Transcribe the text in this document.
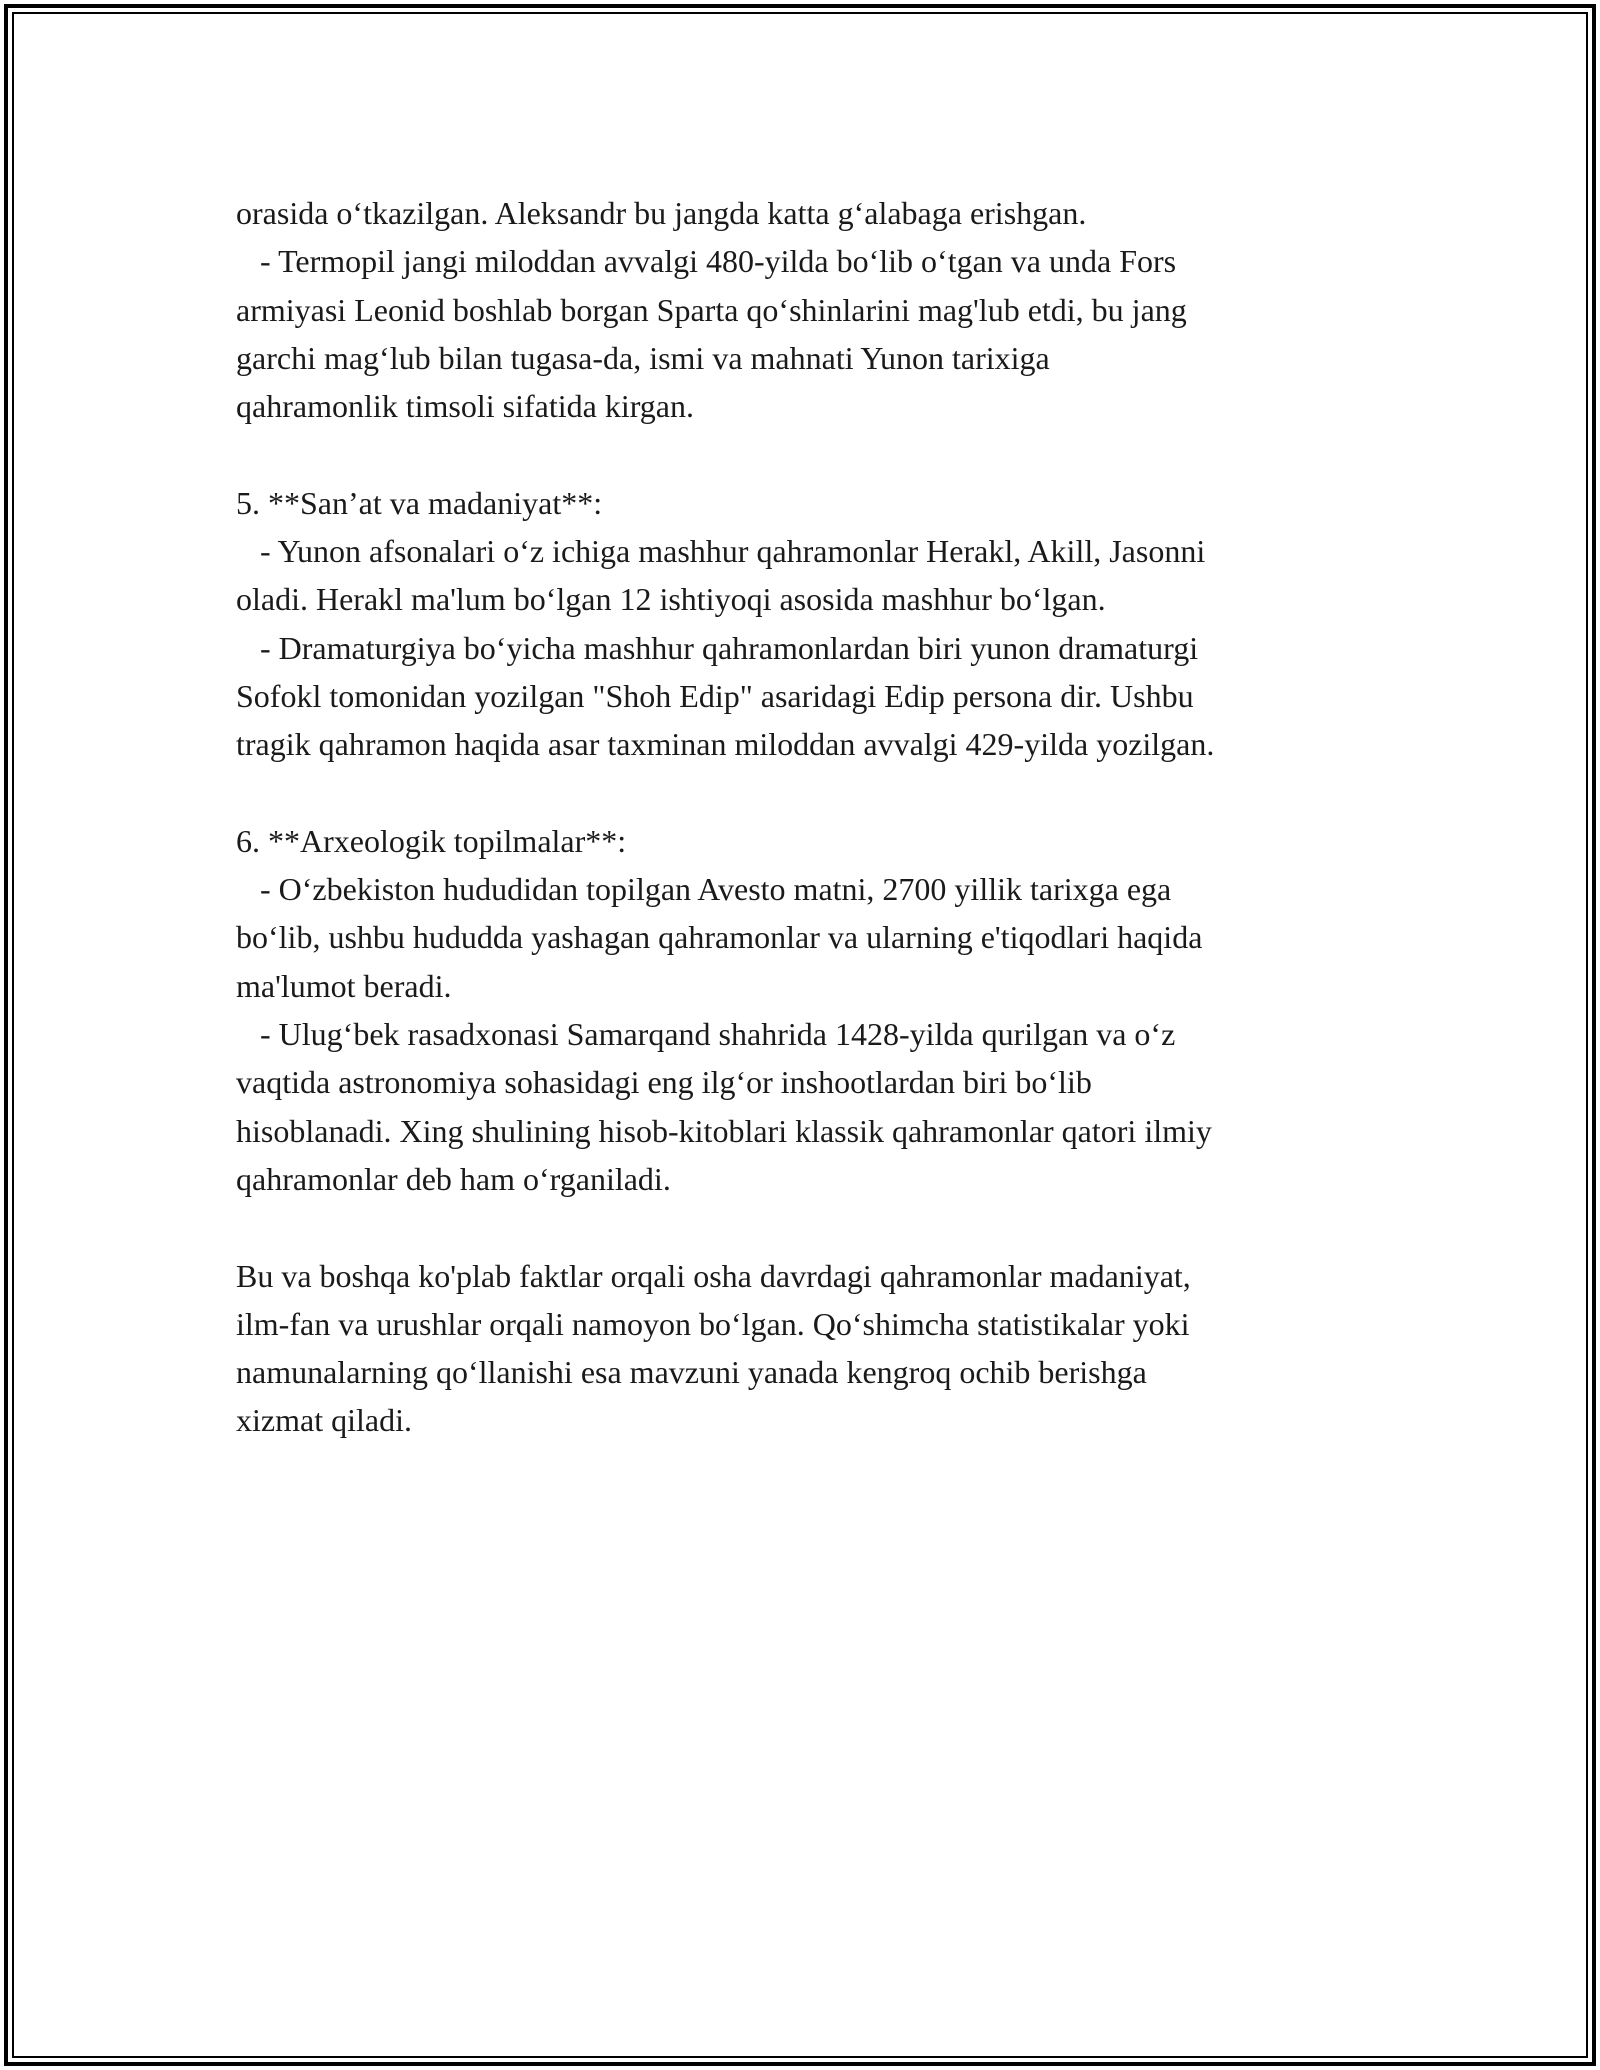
orasida o‘tkazilgan. Aleksandr bu jangda katta g‘alabaga erishgan.
- Termopil jangi miloddan avvalgi 480-yilda bo‘lib o‘tgan va unda Fors
armiyasi Leonid boshlab borgan Sparta qo‘shinlarini mag'lub etdi, bu jang
garchi mag‘lub bilan tugasa-da, ismi va mahnati Yunon tarixiga
qahramonlik timsoli sifatida kirgan.
5. **San’at va madaniyat**:
- Yunon afsonalari o‘z ichiga mashhur qahramonlar Herakl, Akill, Jasonni
oladi. Herakl ma'lum bo‘lgan 12 ishtiyoqi asosida mashhur bo‘lgan.
- Dramaturgiya bo‘yicha mashhur qahramonlardan biri yunon dramaturgi
Sofokl tomonidan yozilgan "Shoh Edip" asaridagi Edip persona dir. Ushbu
tragik qahramon haqida asar taxminan miloddan avvalgi 429-yilda yozilgan.
6. **Arxeologik topilmalar**:
- O‘zbekiston hududidan topilgan Avesto matni, 2700 yillik tarixga ega
bo‘lib, ushbu hududda yashagan qahramonlar va ularning e'tiqodlari haqida
ma'lumot beradi.
- Ulug‘bek rasadxonasi Samarqand shahrida 1428-yilda qurilgan va o‘z
vaqtida astronomiya sohasidagi eng ilg‘or inshootlardan biri bo‘lib
hisoblanadi. Xing shulining hisob-kitoblari klassik qahramonlar qatori ilmiy
qahramonlar deb ham o‘rganiladi.
Bu va boshqa ko'plab faktlar orqali osha davrdagi qahramonlar madaniyat,
ilm-fan va urushlar orqali namoyon bo‘lgan. Qo‘shimcha statistikalar yoki
namunalarning qo‘llanishi esa mavzuni yanada kengroq ochib berishga
xizmat qiladi.
